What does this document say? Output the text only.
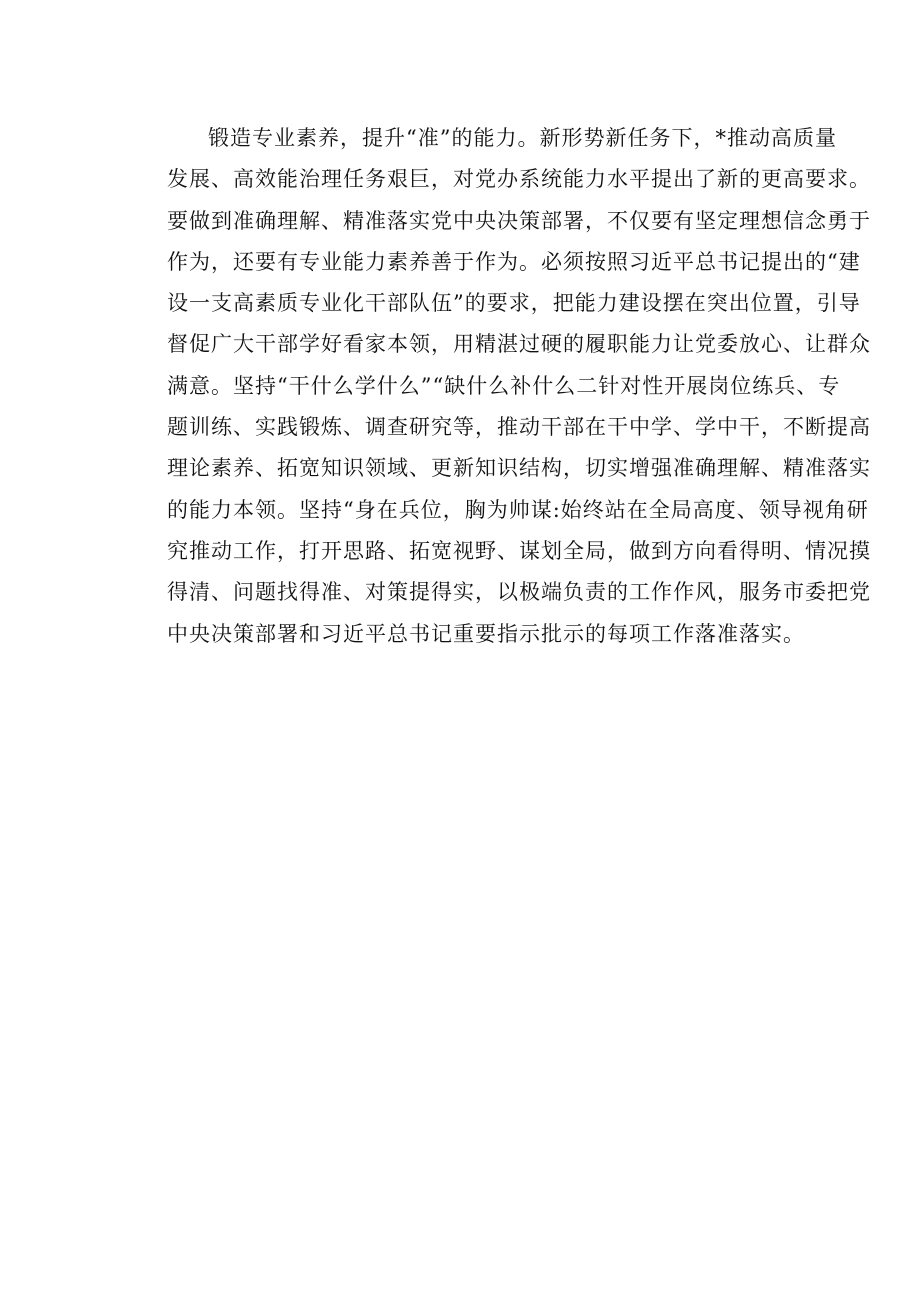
锻造专业素养，提升“准”的能力。新形势新任务下，*推动高质量
发展、高效能治理任务艰巨，对党办系统能力水平提出了新的更高要求。
要做到准确理解、精准落实党中央决策部署，不仅要有坚定理想信念勇于
作为，还要有专业能力素养善于作为。必须按照习近平总书记提出的“建
设一支高素质专业化干部队伍”的要求，把能力建设摆在突出位置，引导
督促广大干部学好看家本领，用精湛过硬的履职能力让党委放心、让群众
满意。坚持“干什么学什么”“缺什么补什么二针对性开展岗位练兵、专
题训练、实践锻炼、调查研究等，推动干部在干中学、学中干，不断提高
理论素养、拓宽知识领域、更新知识结构，切实增强准确理解、精准落实
的能力本领。坚持“身在兵位，胸为帅谋:始终站在全局高度、领导视角研
究推动工作，打开思路、拓宽视野、谋划全局，做到方向看得明、情况摸
得清、问题找得准、对策提得实，以极端负责的工作作风，服务市委把党
中央决策部署和习近平总书记重要指示批示的每项工作落准落实。
